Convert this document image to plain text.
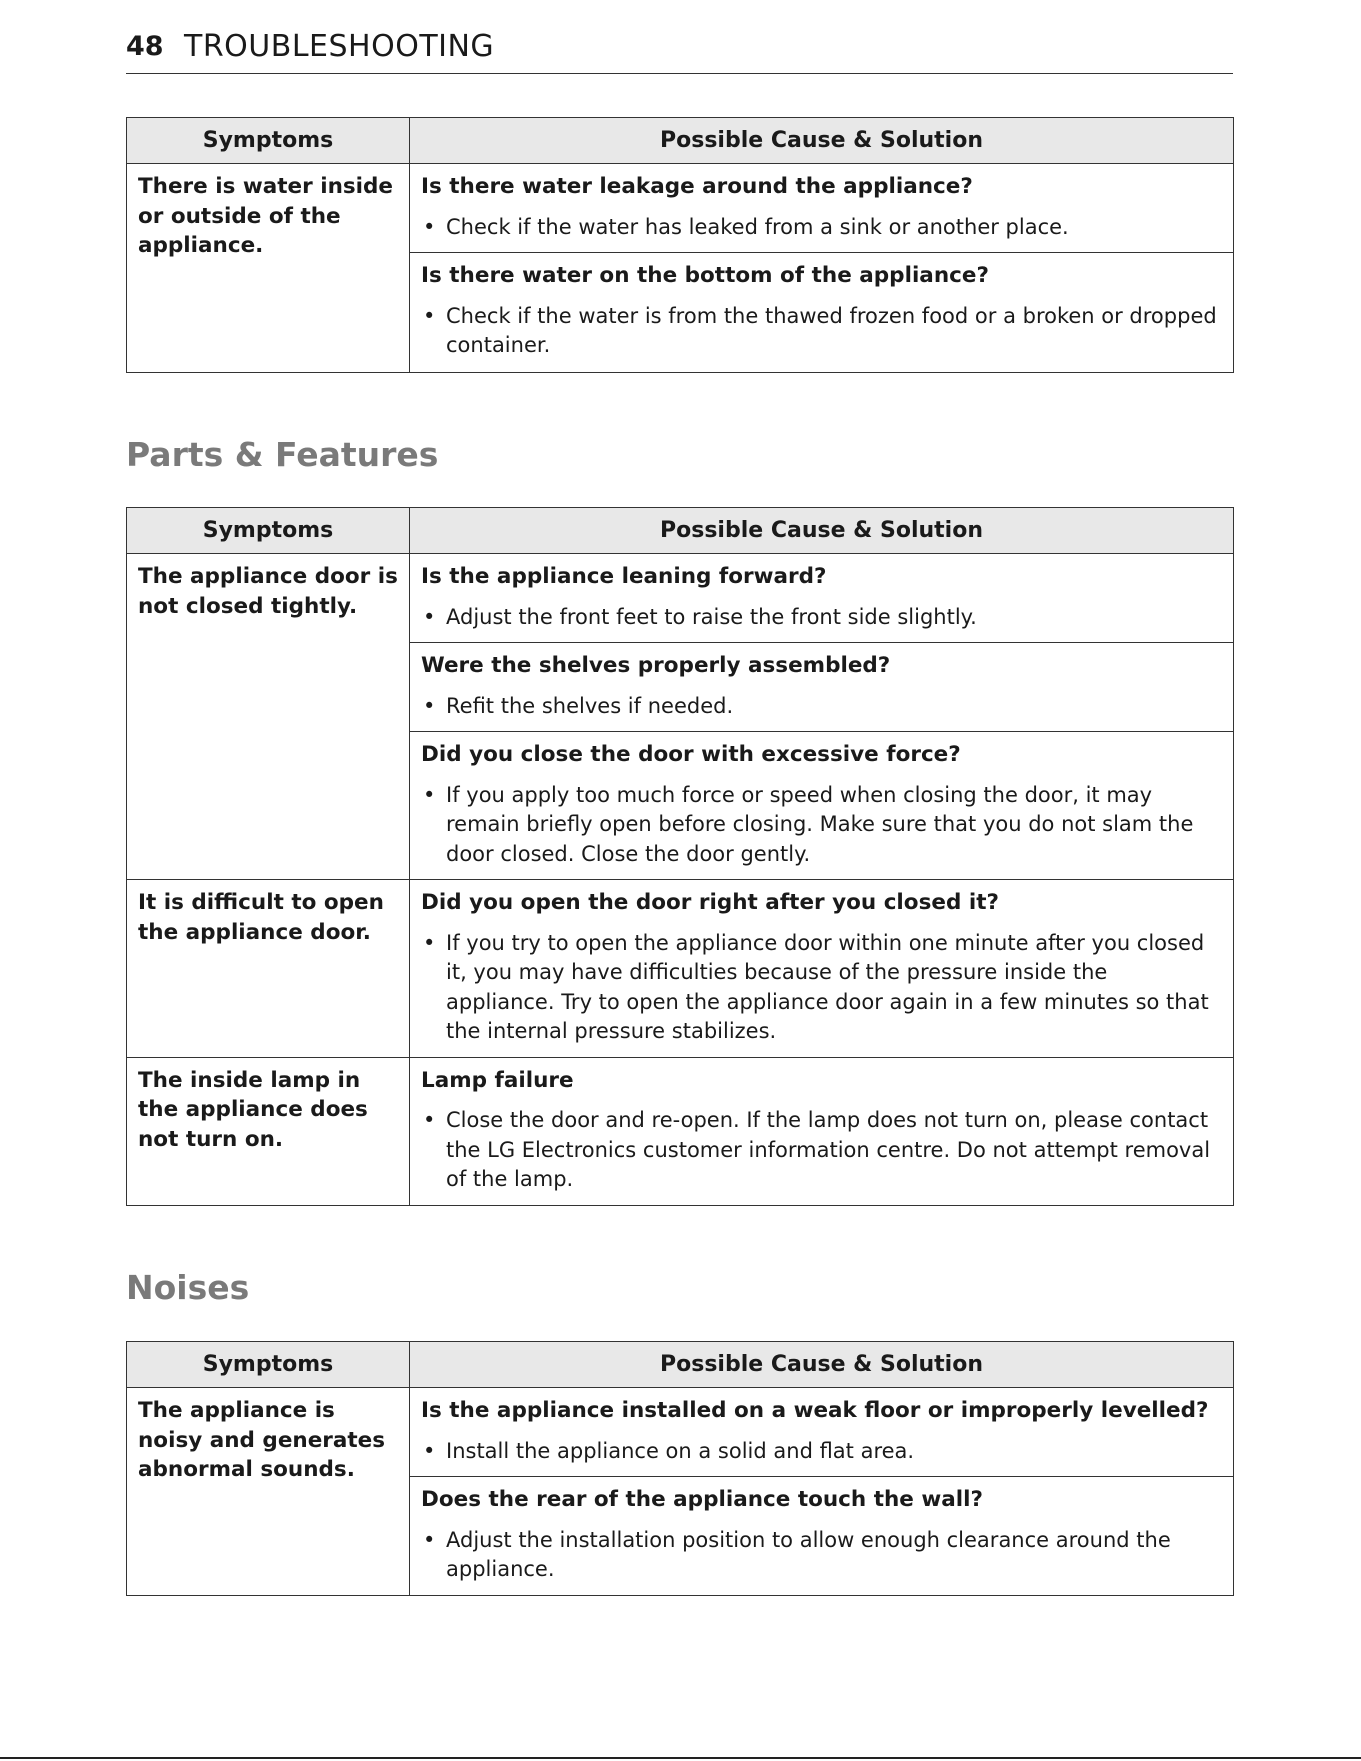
48 TROUBLESHOOTING
Symptoms	Possible Cause & Solution

There is water inside or outside of the appliance.	Is there water leakage around the appliance?
• Check if the water has leaked from a sink or another place.

	Is there water on the bottom of the appliance?
• Check if the water is from the thawed frozen food or a broken or dropped container.
Parts & Features
Symptoms	Possible Cause & Solution

The appliance door is not closed tightly.	Is the appliance leaning forward?
• Adjust the front feet to raise the front side slightly.

	Were the shelves properly assembled?
• Refit the shelves if needed.

	Did you close the door with excessive force?
• If you apply too much force or speed when closing the door, it may remain briefly open before closing. Make sure that you do not slam the door closed. Close the door gently.

It is difficult to open the appliance door.	Did you open the door right after you closed it?
• If you try to open the appliance door within one minute after you closed it, you may have difficulties because of the pressure inside the appliance. Try to open the appliance door again in a few minutes so that the internal pressure stabilizes.

The inside lamp in the appliance does not turn on.	Lamp failure
• Close the door and re-open. If the lamp does not turn on, please contact the LG Electronics customer information centre. Do not attempt removal of the lamp.
Noises
Symptoms	Possible Cause & Solution

The appliance is noisy and generates abnormal sounds.	Is the appliance installed on a weak floor or improperly levelled?
• Install the appliance on a solid and flat area.

	Does the rear of the appliance touch the wall?
• Adjust the installation position to allow enough clearance around the appliance.
